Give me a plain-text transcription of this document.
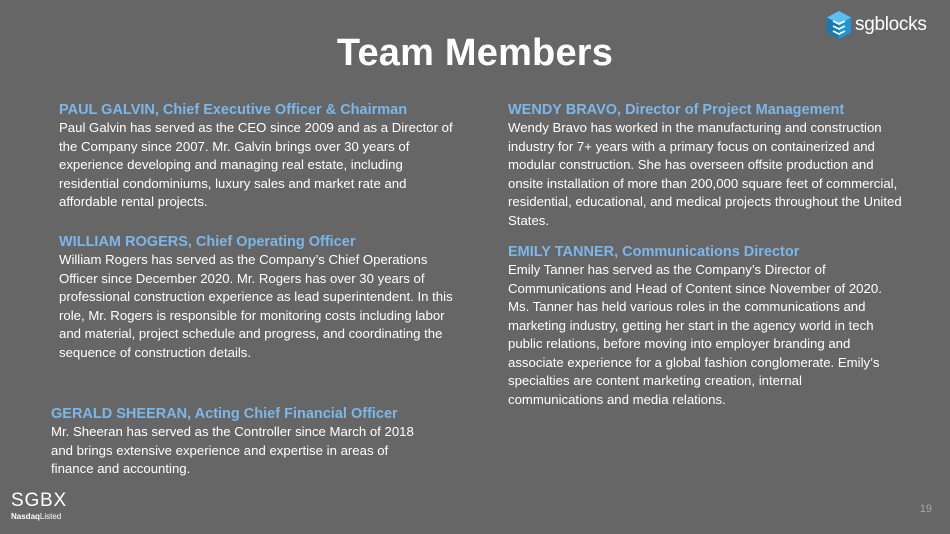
sgblocks
Team Members
PAUL GALVIN, Chief Executive Officer & Chairman
Paul Galvin has served as the CEO since 2009 and as a Director of the Company since 2007. Mr. Galvin brings over 30 years of experience developing and managing real estate, including residential condominiums, luxury sales and market rate and affordable rental projects.
WILLIAM ROGERS, Chief Operating Officer
William Rogers has served as the Company’s Chief Operations Officer since December 2020. Mr. Rogers has over 30 years of professional construction experience as lead superintendent. In this role, Mr. Rogers is responsible for monitoring costs including labor and material, project schedule and progress, and coordinating the sequence of construction details.
GERALD SHEERAN, Acting Chief Financial Officer
Mr. Sheeran has served as the Controller since March of 2018 and brings extensive experience and expertise in areas of finance and accounting.
WENDY BRAVO, Director of Project Management
Wendy Bravo has worked in the manufacturing and construction industry for 7+ years with a primary focus on containerized and modular construction. She has overseen offsite production and onsite installation of more than 200,000 square feet of commercial, residential, educational, and medical projects throughout the United States.
EMILY TANNER, Communications Director
Emily Tanner has served as the Company’s Director of Communications and Head of Content since November of 2020. Ms. Tanner has held various roles in the communications and marketing industry, getting her start in the agency world in tech public relations, before moving into employer branding and associate experience for a global fashion conglomerate. Emily’s specialties are content marketing creation, internal communications and media relations.
SGBX
NasdaqListed
19
